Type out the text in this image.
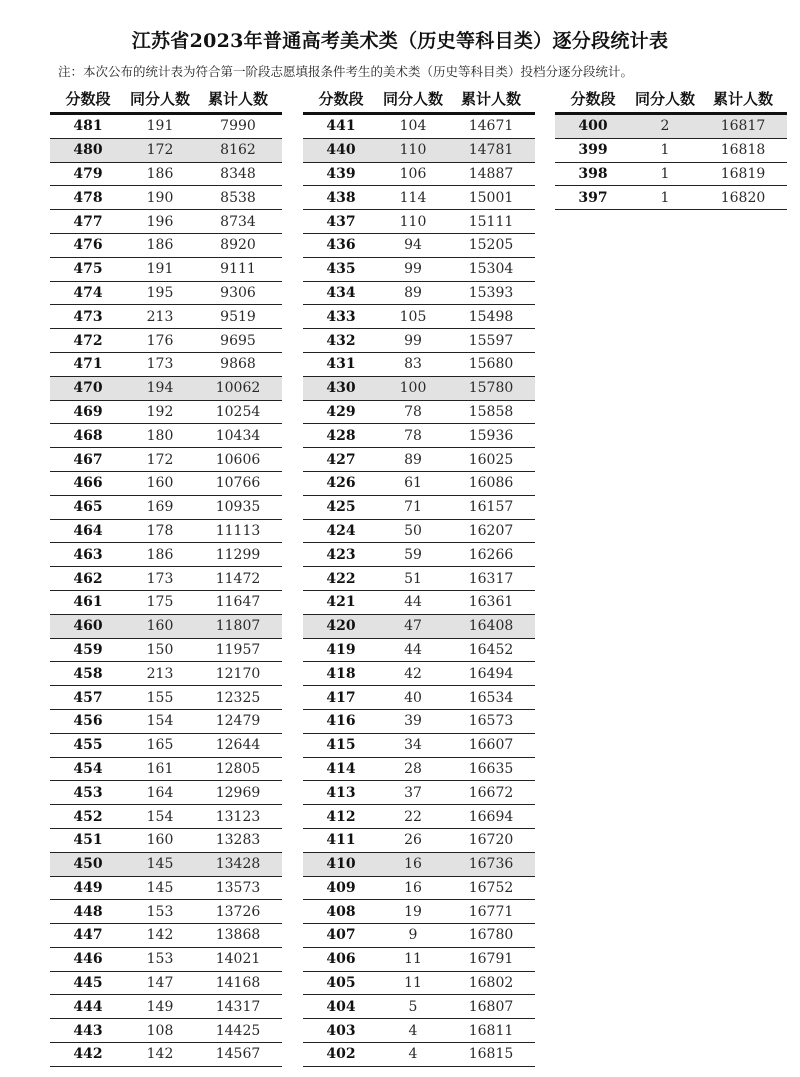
江苏省2023年普通高考美术类（历史等科目类）逐分段统计表
注：本次公布的统计表为符合第一阶段志愿填报条件考生的美术类（历史等科目类）投档分逐分段统计。
分数段	同分人数	累计人数
481	191	7990
480	172	8162
479	186	8348
478	190	8538
477	196	8734
476	186	8920
475	191	9111
474	195	9306
473	213	9519
472	176	9695
471	173	9868
470	194	10062
469	192	10254
468	180	10434
467	172	10606
466	160	10766
465	169	10935
464	178	11113
463	186	11299
462	173	11472
461	175	11647
460	160	11807
459	150	11957
458	213	12170
457	155	12325
456	154	12479
455	165	12644
454	161	12805
453	164	12969
452	154	13123
451	160	13283
450	145	13428
449	145	13573
448	153	13726
447	142	13868
446	153	14021
445	147	14168
444	149	14317
443	108	14425
442	142	14567
分数段	同分人数	累计人数
441	104	14671
440	110	14781
439	106	14887
438	114	15001
437	110	15111
436	94	15205
435	99	15304
434	89	15393
433	105	15498
432	99	15597
431	83	15680
430	100	15780
429	78	15858
428	78	15936
427	89	16025
426	61	16086
425	71	16157
424	50	16207
423	59	16266
422	51	16317
421	44	16361
420	47	16408
419	44	16452
418	42	16494
417	40	16534
416	39	16573
415	34	16607
414	28	16635
413	37	16672
412	22	16694
411	26	16720
410	16	16736
409	16	16752
408	19	16771
407	9	16780
406	11	16791
405	11	16802
404	5	16807
403	4	16811
402	4	16815
分数段	同分人数	累计人数
400	2	16817
399	1	16818
398	1	16819
397	1	16820
